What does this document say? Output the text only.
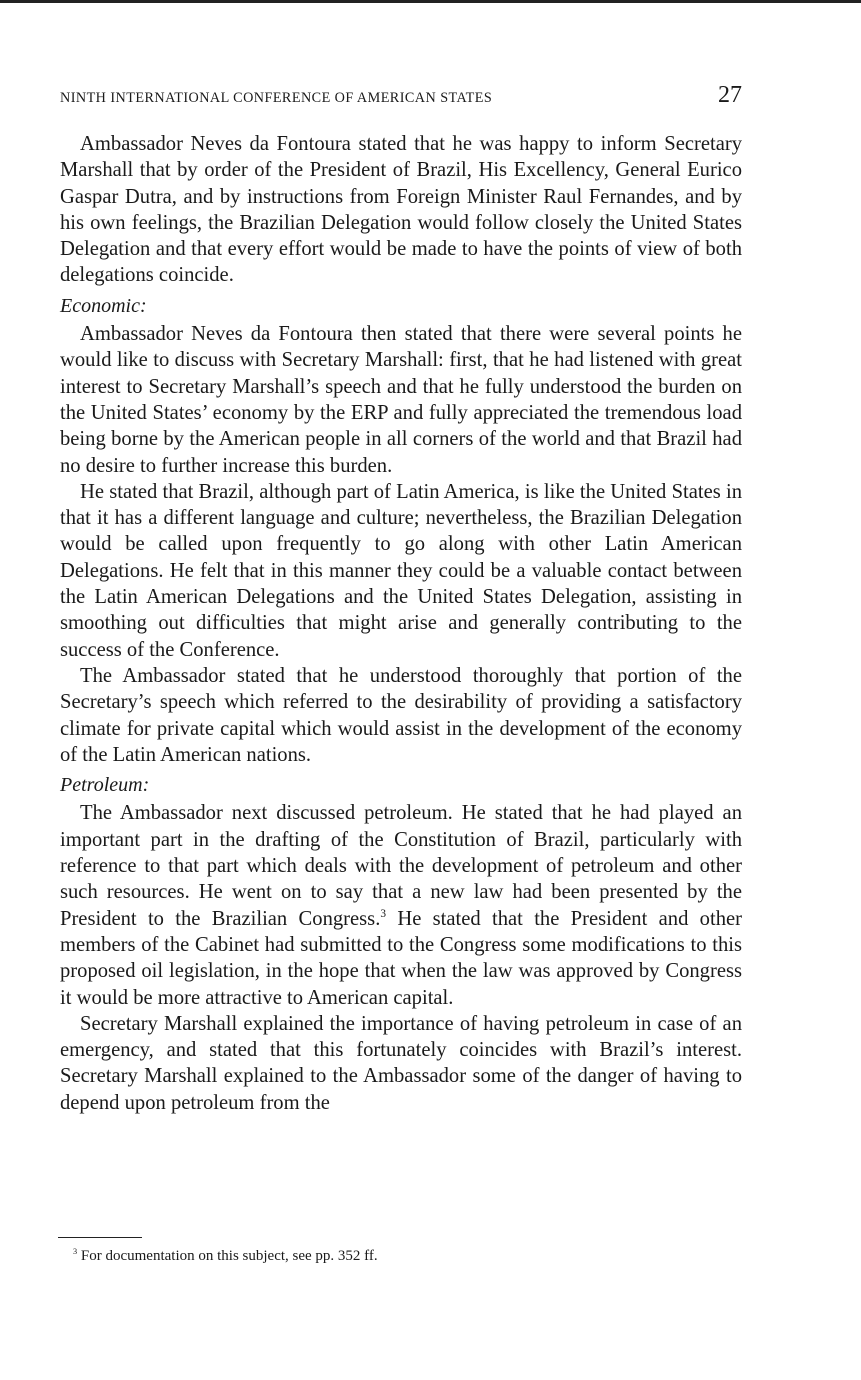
NINTH INTERNATIONAL CONFERENCE OF AMERICAN STATES	27

Ambassador Neves da Fontoura stated that he was happy to inform Secretary Marshall that by order of the President of Brazil, His Excellency, General Eurico Gaspar Dutra, and by instructions from Foreign Minister Raul Fernandes, and by his own feelings, the Brazilian Delegation would follow closely the United States Delegation and that every effort would be made to have the points of view of both delegations coincide.

Economic:

Ambassador Neves da Fontoura then stated that there were several points he would like to discuss with Secretary Marshall: first, that he had listened with great interest to Secretary Marshall’s speech and that he fully understood the burden on the United States’ economy by the ERP and fully appreciated the tremendous load being borne by the American people in all corners of the world and that Brazil had no desire to further increase this burden.

He stated that Brazil, although part of Latin America, is like the United States in that it has a different language and culture; nevertheless, the Brazilian Delegation would be called upon frequently to go along with other Latin American Delegations. He felt that in this manner they could be a valuable contact between the Latin American Delegations and the United States Delegation, assisting in smoothing out difficulties that might arise and generally contributing to the success of the Conference.

The Ambassador stated that he understood thoroughly that portion of the Secretary’s speech which referred to the desirability of providing a satisfactory climate for private capital which would assist in the development of the economy of the Latin American nations.

Petroleum:

The Ambassador next discussed petroleum. He stated that he had played an important part in the drafting of the Constitution of Brazil, particularly with reference to that part which deals with the development of petroleum and other such resources. He went on to say that a new law had been presented by the President to the Brazilian Congress.$^3$ He stated that the President and other members of the Cabinet had submitted to the Congress some modifications to this proposed oil legislation, in the hope that when the law was approved by Congress it would be more attractive to American capital.

Secretary Marshall explained the importance of having petroleum in case of an emergency, and stated that this fortunately coincides with Brazil’s interest. Secretary Marshall explained to the Ambassador some of the danger of having to depend upon petroleum from the

$^3$ For documentation on this subject, see pp. 352 ff.
